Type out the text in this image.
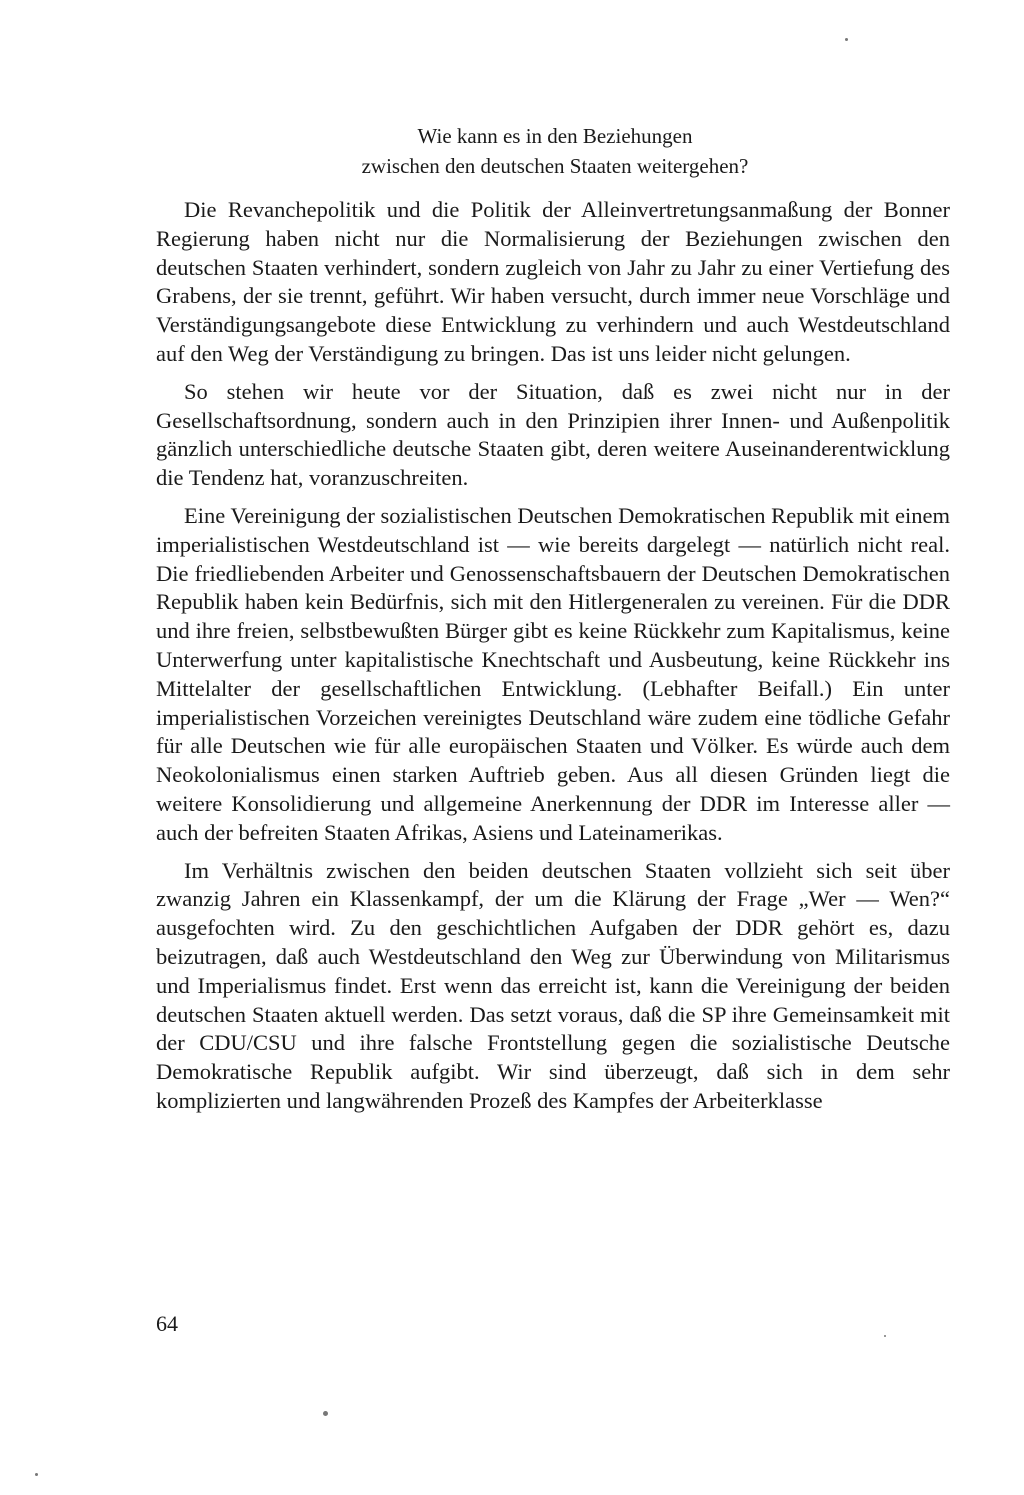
Wie kann es in den Beziehungen
zwischen den deutschen Staaten weitergehen?

Die Revanchepolitik und die Politik der Alleinvertretungsanmaßung der Bonner Regierung haben nicht nur die Normalisierung der Beziehungen zwischen den deutschen Staaten verhindert, sondern zugleich von Jahr zu Jahr zu einer Vertiefung des Grabens, der sie trennt, geführt. Wir haben versucht, durch immer neue Vorschläge und Verständigungsangebote diese Entwicklung zu verhindern und auch Westdeutschland auf den Weg der Verständigung zu bringen. Das ist uns leider nicht gelungen.

So stehen wir heute vor der Situation, daß es zwei nicht nur in der Gesellschaftsordnung, sondern auch in den Prinzipien ihrer Innen- und Außenpolitik gänzlich unterschiedliche deutsche Staaten gibt, deren weitere Auseinanderentwicklung die Tendenz hat, voranzuschreiten.

Eine Vereinigung der sozialistischen Deutschen Demokratischen Republik mit einem imperialistischen Westdeutschland ist — wie bereits dargelegt — natürlich nicht real. Die friedliebenden Arbeiter und Genossenschaftsbauern der Deutschen Demokratischen Republik haben kein Bedürfnis, sich mit den Hitlergeneralen zu vereinen. Für die DDR und ihre freien, selbstbewußten Bürger gibt es keine Rückkehr zum Kapitalismus, keine Unterwerfung unter kapitalistische Knechtschaft und Ausbeutung, keine Rückkehr ins Mittelalter der gesellschaftlichen Entwicklung. (Lebhafter Beifall.) Ein unter imperialistischen Vorzeichen vereinigtes Deutschland wäre zudem eine tödliche Gefahr für alle Deutschen wie für alle europäischen Staaten und Völker. Es würde auch dem Neokolonialismus einen starken Auftrieb geben. Aus all diesen Gründen liegt die weitere Konsolidierung und allgemeine Anerkennung der DDR im Interesse aller — auch der befreiten Staaten Afrikas, Asiens und Lateinamerikas.

Im Verhältnis zwischen den beiden deutschen Staaten vollzieht sich seit über zwanzig Jahren ein Klassenkampf, der um die Klärung der Frage „Wer — Wen?“ ausgefochten wird. Zu den geschichtlichen Aufgaben der DDR gehört es, dazu beizutragen, daß auch Westdeutschland den Weg zur Überwindung von Militarismus und Imperialismus findet. Erst wenn das erreicht ist, kann die Vereinigung der beiden deutschen Staaten aktuell werden. Das setzt voraus, daß die SP ihre Gemeinsamkeit mit der CDU/CSU und ihre falsche Frontstellung gegen die sozialistische Deutsche Demokratische Republik aufgibt. Wir sind überzeugt, daß sich in dem sehr komplizierten und langwährenden Prozeß des Kampfes der Arbeiterklasse

64
